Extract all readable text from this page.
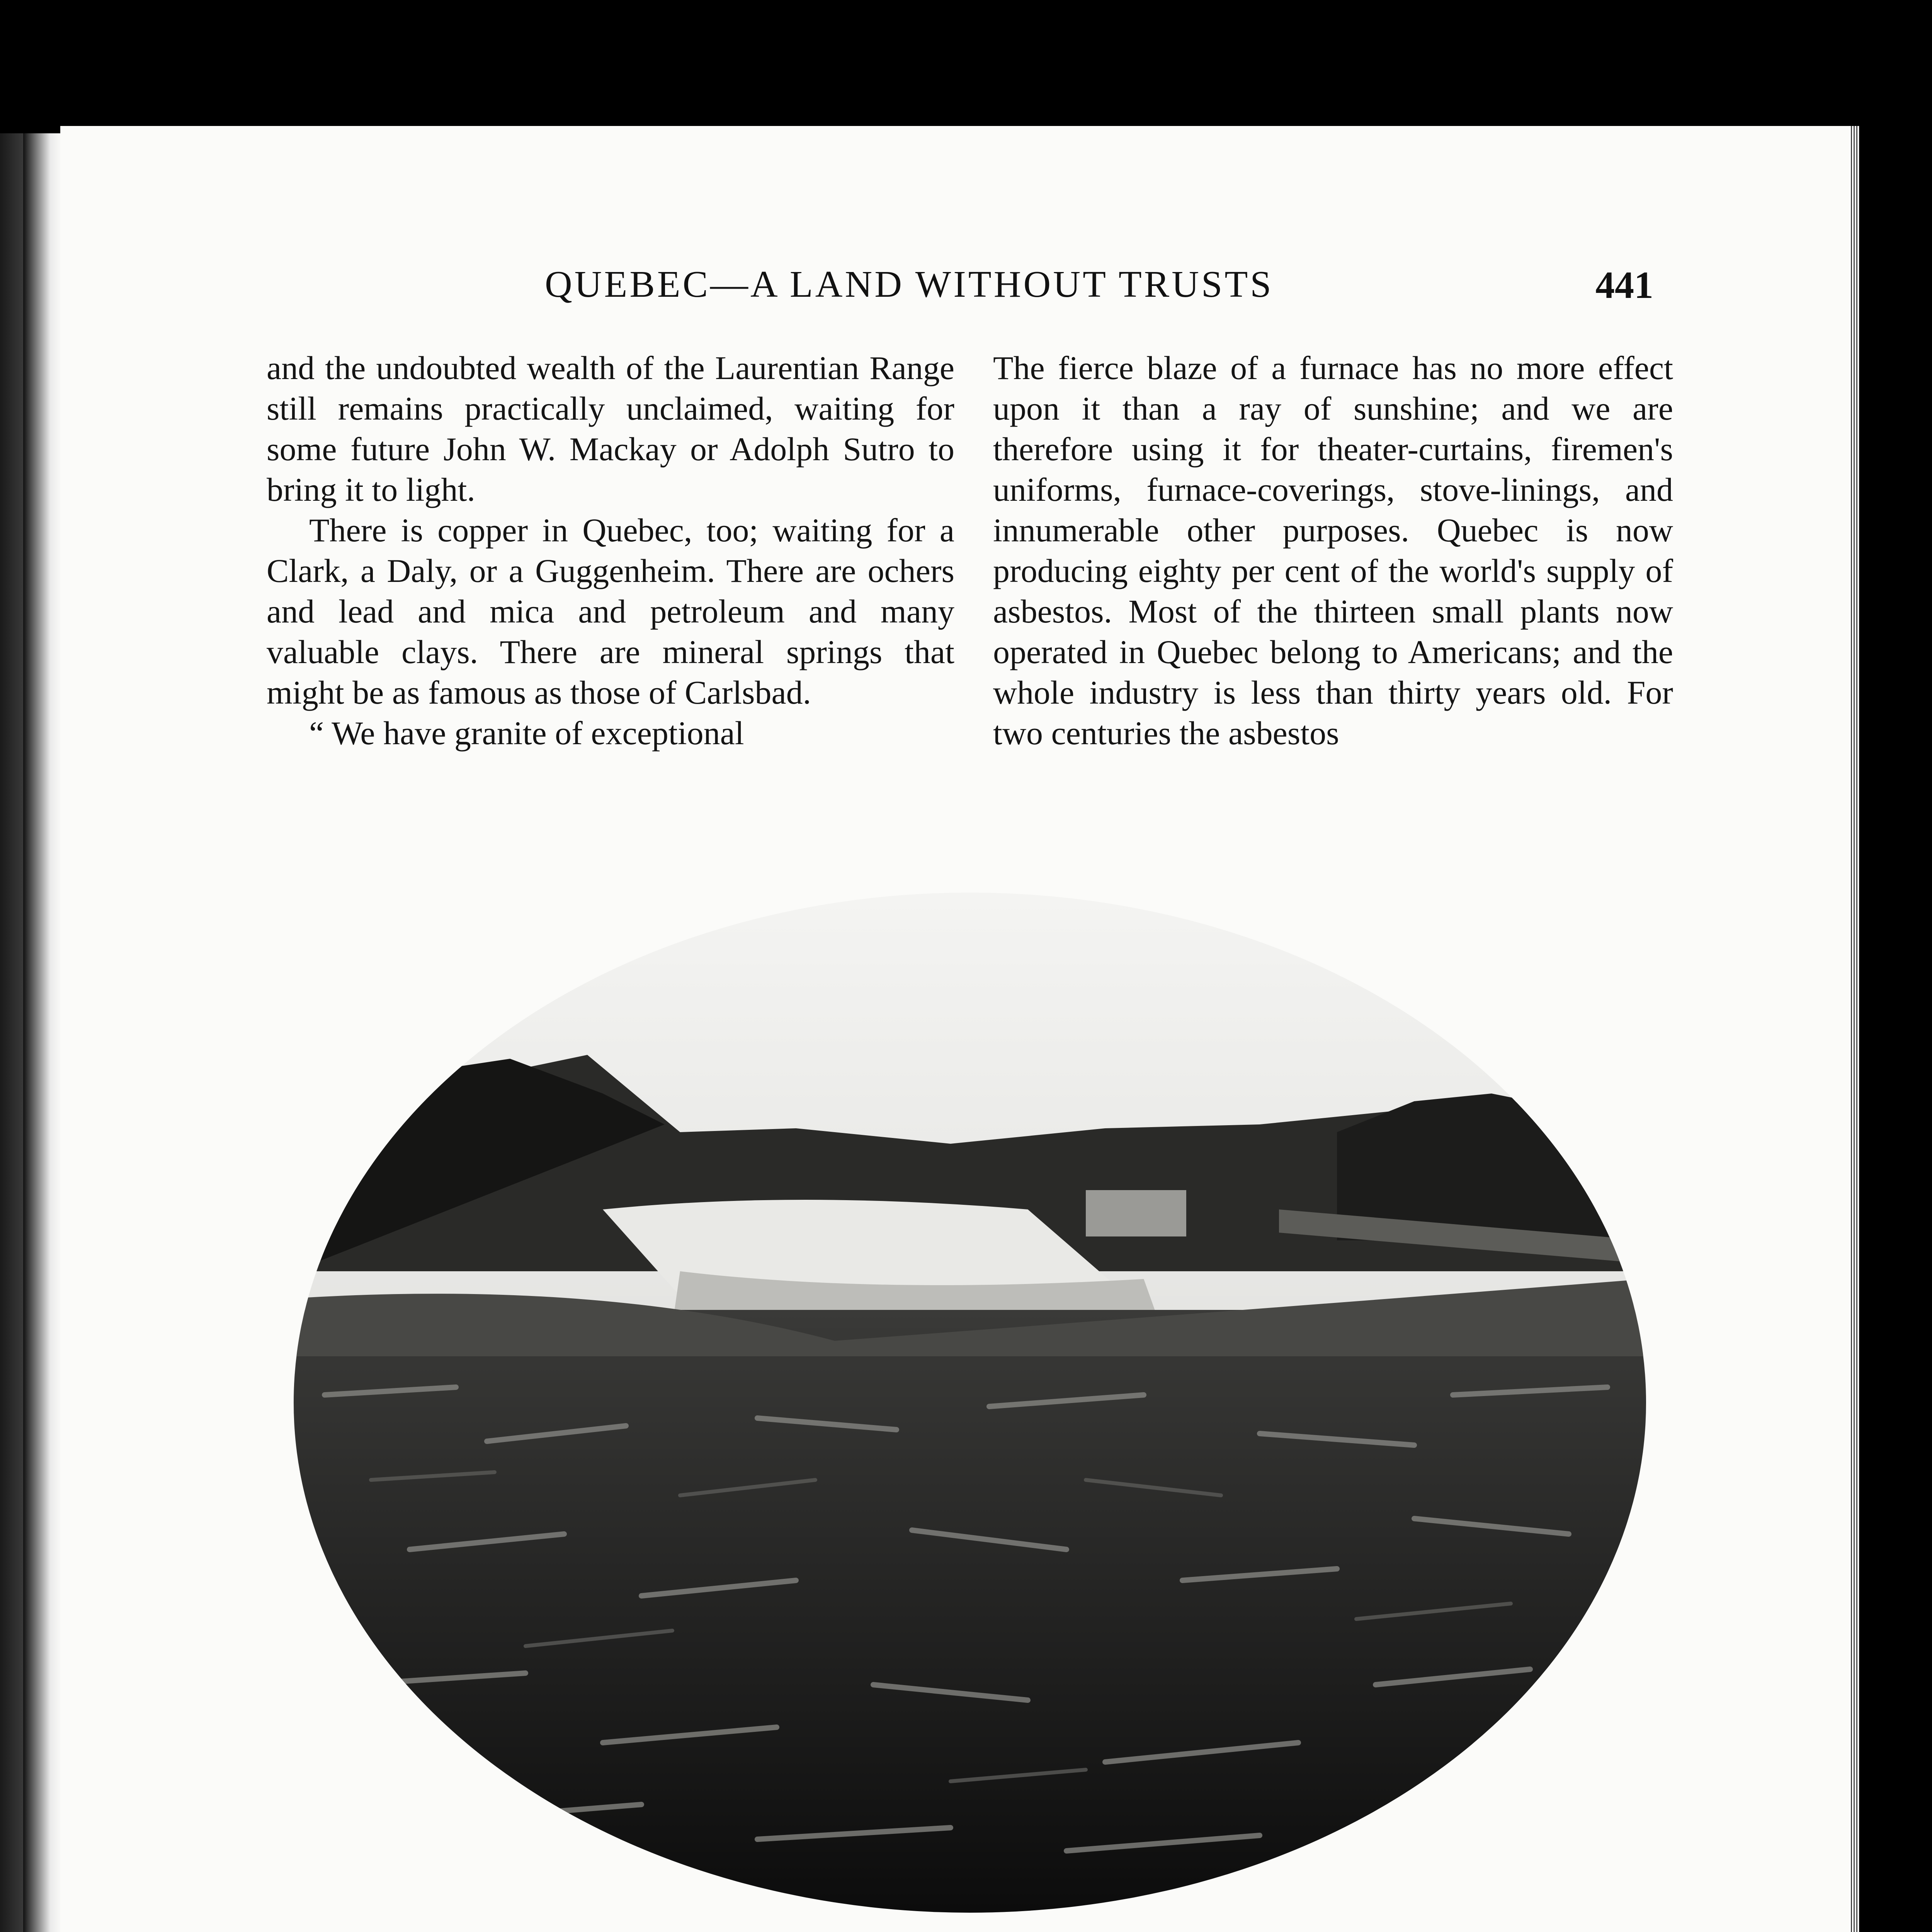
QUEBEC—A LAND WITHOUT TRUSTS	441

and the undoubted wealth of the Laurentian Range still remains practically unclaimed, waiting for some future John W. Mackay or Adolph Sutro to bring it to light.

There is copper in Quebec, too; waiting for a Clark, a Daly, or a Guggenheim. There are ochers and lead and mica and petroleum and many valuable clays. There are mineral springs that might be as famous as those of Carlsbad.

“ We have granite of exceptional

The fierce blaze of a furnace has no more effect upon it than a ray of sunshine; and we are therefore using it for theater-curtains, firemen's uniforms, furnace-coverings, stove-linings, and innumerable other purposes. Quebec is now producing eighty per cent of the world's supply of asbestos. Most of the thirteen small plants now operated in Quebec belong to Americans; and the whole industry is less than thirty years old. For two centuries the asbestos
